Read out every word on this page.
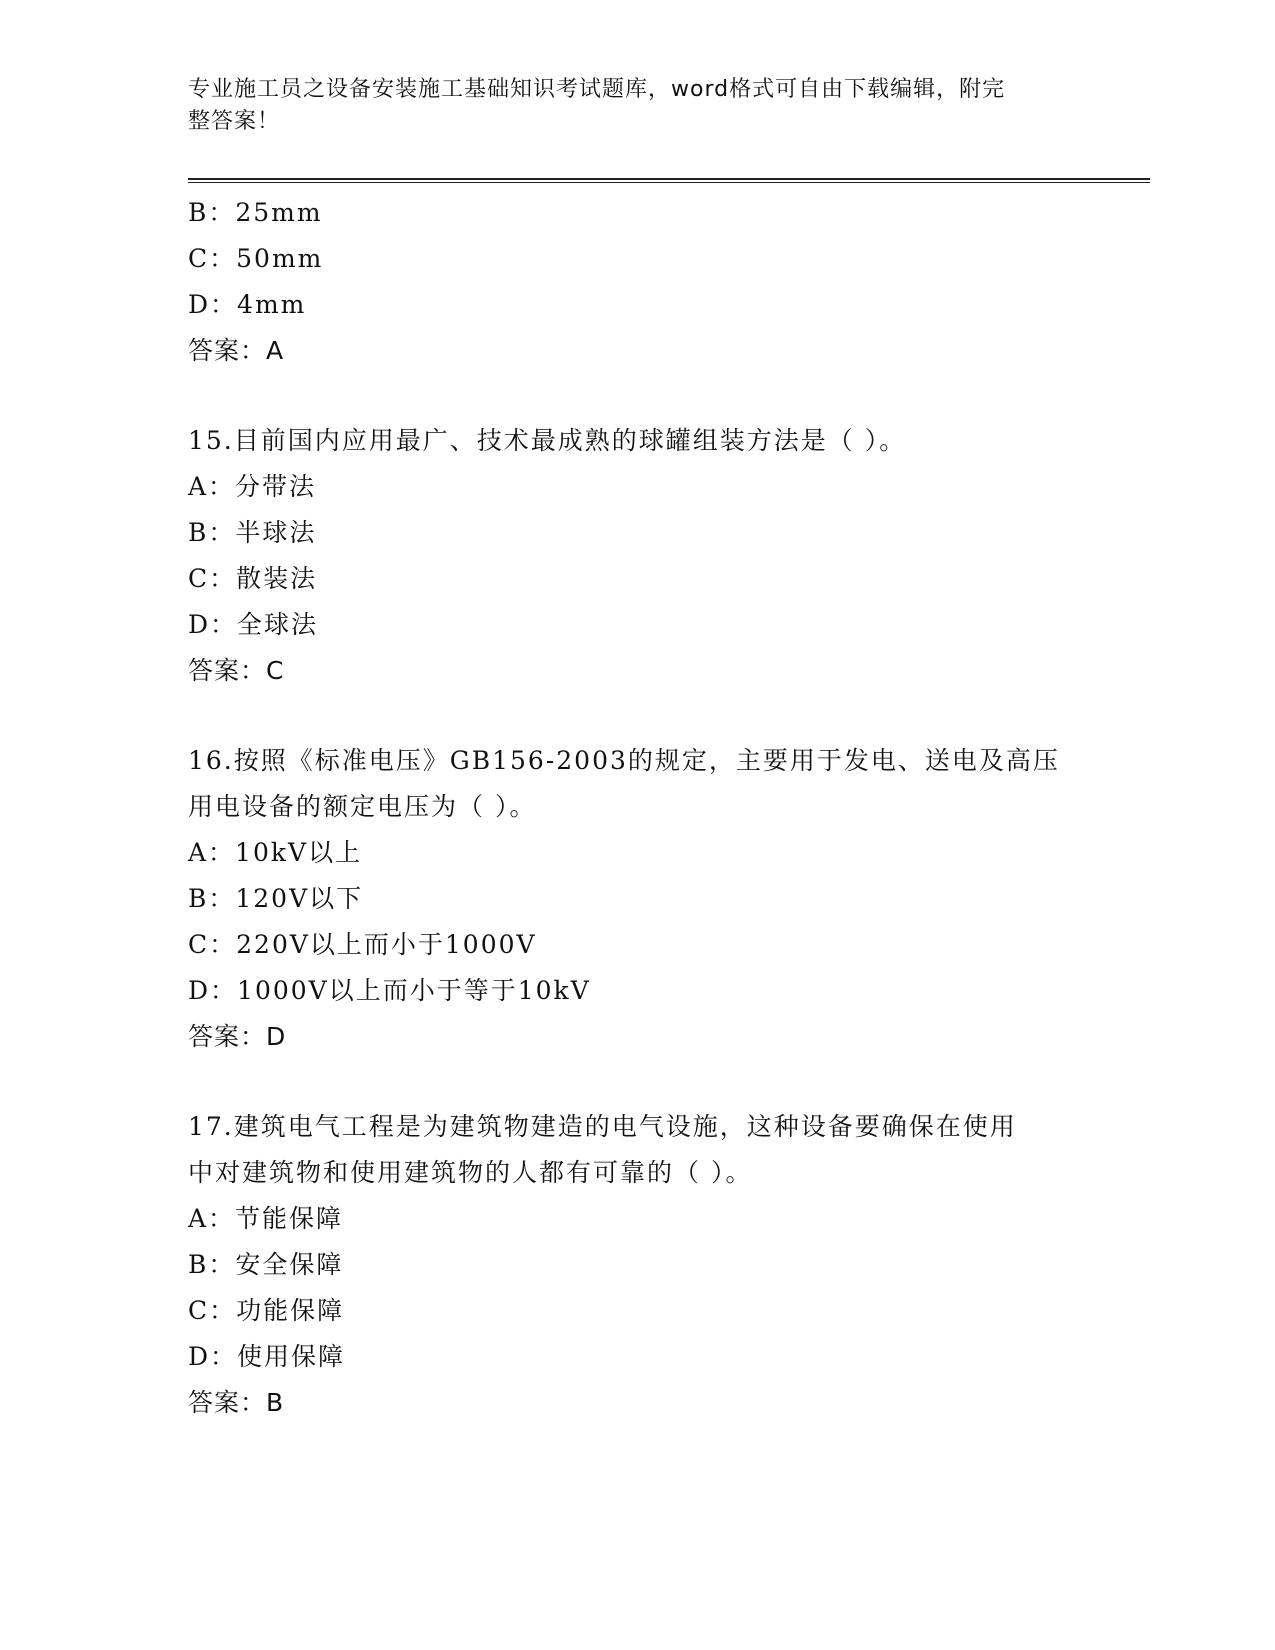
专业施工员之设备安装施工基础知识考试题库，word格式可自由下载编辑，附完
整答案！
B：25mm
C：50mm
D：4mm
答案：A
15.目前国内应用最广、技术最成熟的球罐组装方法是（ ）。
A：分带法
B：半球法
C：散装法
D：全球法
答案：C
16.按照《标准电压》GB156-2003的规定，主要用于发电、送电及高压
用电设备的额定电压为（ ）。
A：10kV以上
B：120V以下
C：220V以上而小于1000V
D：1000V以上而小于等于10kV
答案：D
17.建筑电气工程是为建筑物建造的电气设施，这种设备要确保在使用
中对建筑物和使用建筑物的人都有可靠的（ ）。
A：节能保障
B：安全保障
C：功能保障
D：使用保障
答案：B
